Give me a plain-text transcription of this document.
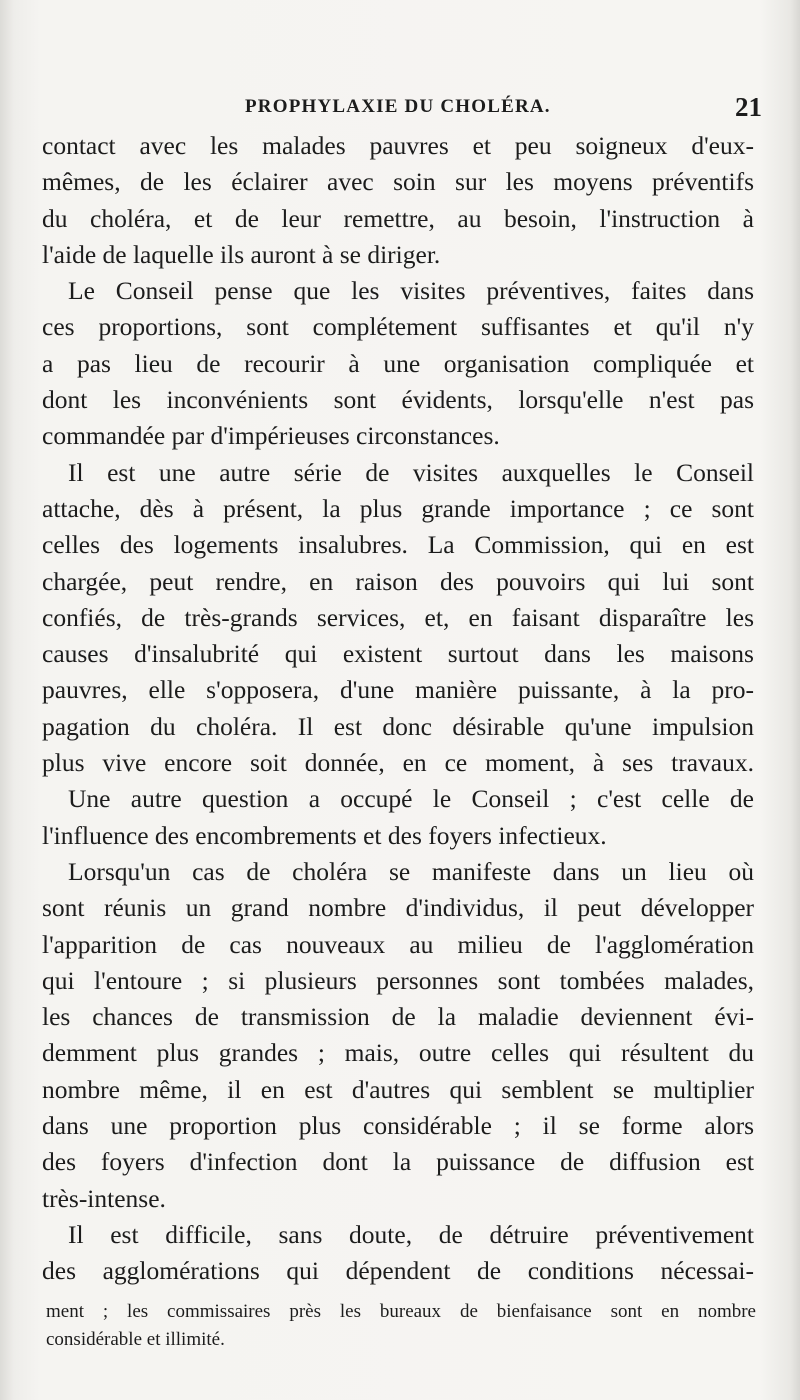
PROPHYLAXIE DU CHOLÉRA.	21
contact avec les malades pauvres et peu soigneux d'eux-
mêmes, de les éclairer avec soin sur les moyens préventifs
du choléra, et de leur remettre, au besoin, l'instruction à
l'aide de laquelle ils auront à se diriger.
Le Conseil pense que les visites préventives, faites dans
ces proportions, sont complétement suffisantes et qu'il n'y
a pas lieu de recourir à une organisation compliquée et
dont les inconvénients sont évidents, lorsqu'elle n'est pas
commandée par d'impérieuses circonstances.
Il est une autre série de visites auxquelles le Conseil
attache, dès à présent, la plus grande importance ; ce sont
celles des logements insalubres. La Commission, qui en est
chargée, peut rendre, en raison des pouvoirs qui lui sont
confiés, de très-grands services, et, en faisant disparaître les
causes d'insalubrité qui existent surtout dans les maisons
pauvres, elle s'opposera, d'une manière puissante, à la pro-
pagation du choléra. Il est donc désirable qu'une impulsion
plus vive encore soit donnée, en ce moment, à ses travaux.
Une autre question a occupé le Conseil ; c'est celle de
l'influence des encombrements et des foyers infectieux.
Lorsqu'un cas de choléra se manifeste dans un lieu où
sont réunis un grand nombre d'individus, il peut développer
l'apparition de cas nouveaux au milieu de l'agglomération
qui l'entoure ; si plusieurs personnes sont tombées malades,
les chances de transmission de la maladie deviennent évi-
demment plus grandes ; mais, outre celles qui résultent du
nombre même, il en est d'autres qui semblent se multiplier
dans une proportion plus considérable ; il se forme alors
des foyers d'infection dont la puissance de diffusion est
très-intense.
Il est difficile, sans doute, de détruire préventivement
des agglomérations qui dépendent de conditions nécessai-
ment ; les commissaires près les bureaux de bienfaisance sont en nombre
considérable et illimité.
